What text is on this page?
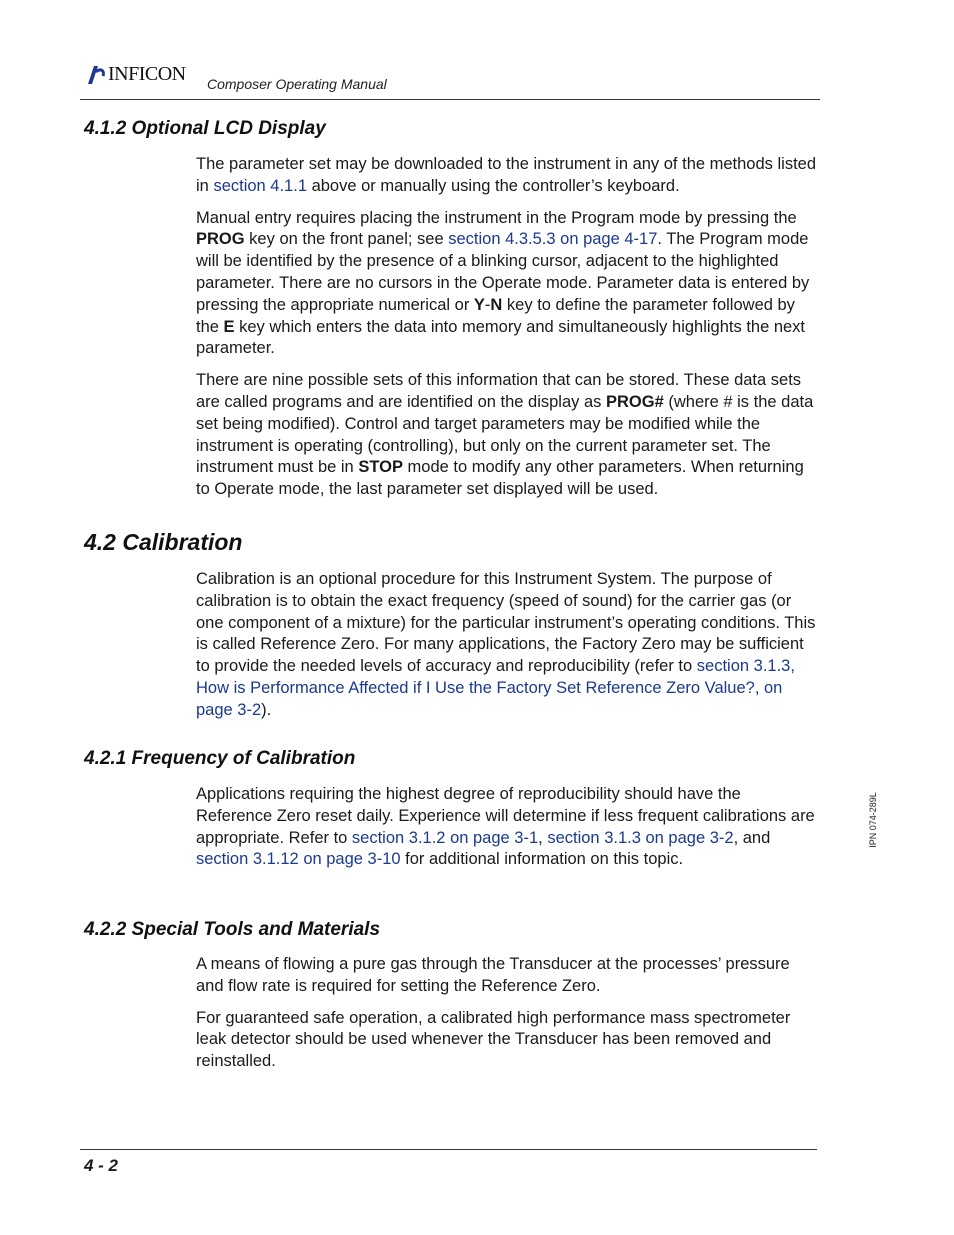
INFICON Composer Operating Manual
4.1.2 Optional LCD Display

The parameter set may be downloaded to the instrument in any of the methods listed in section 4.1.1 above or manually using the controller’s keyboard.

Manual entry requires placing the instrument in the Program mode by pressing the PROG key on the front panel; see section 4.3.5.3 on page 4-17. The Program mode will be identified by the presence of a blinking cursor, adjacent to the highlighted parameter. There are no cursors in the Operate mode. Parameter data is entered by pressing the appropriate numerical or Y-N key to define the parameter followed by the E key which enters the data into memory and simultaneously highlights the next parameter.

There are nine possible sets of this information that can be stored. These data sets are called programs and are identified on the display as PROG# (where # is the data set being modified). Control and target parameters may be modified while the instrument is operating (controlling), but only on the current parameter set. The instrument must be in STOP mode to modify any other parameters. When returning to Operate mode, the last parameter set displayed will be used.

4.2 Calibration

Calibration is an optional procedure for this Instrument System. The purpose of calibration is to obtain the exact frequency (speed of sound) for the carrier gas (or one component of a mixture) for the particular instrument’s operating conditions. This is called Reference Zero. For many applications, the Factory Zero may be sufficient to provide the needed levels of accuracy and reproducibility (refer to section 3.1.3, How is Performance Affected if I Use the Factory Set Reference Zero Value?, on page 3-2).

4.2.1 Frequency of Calibration

Applications requiring the highest degree of reproducibility should have the Reference Zero reset daily. Experience will determine if less frequent calibrations are appropriate. Refer to section 3.1.2 on page 3-1, section 3.1.3 on page 3-2, and section 3.1.12 on page 3-10 for additional information on this topic.

4.2.2 Special Tools and Materials

A means of flowing a pure gas through the Transducer at the processes’ pressure and flow rate is required for setting the Reference Zero.

For guaranteed safe operation, a calibrated high performance mass spectrometer leak detector should be used whenever the Transducer has been removed and reinstalled.

IPN 074-289L
4 - 2
